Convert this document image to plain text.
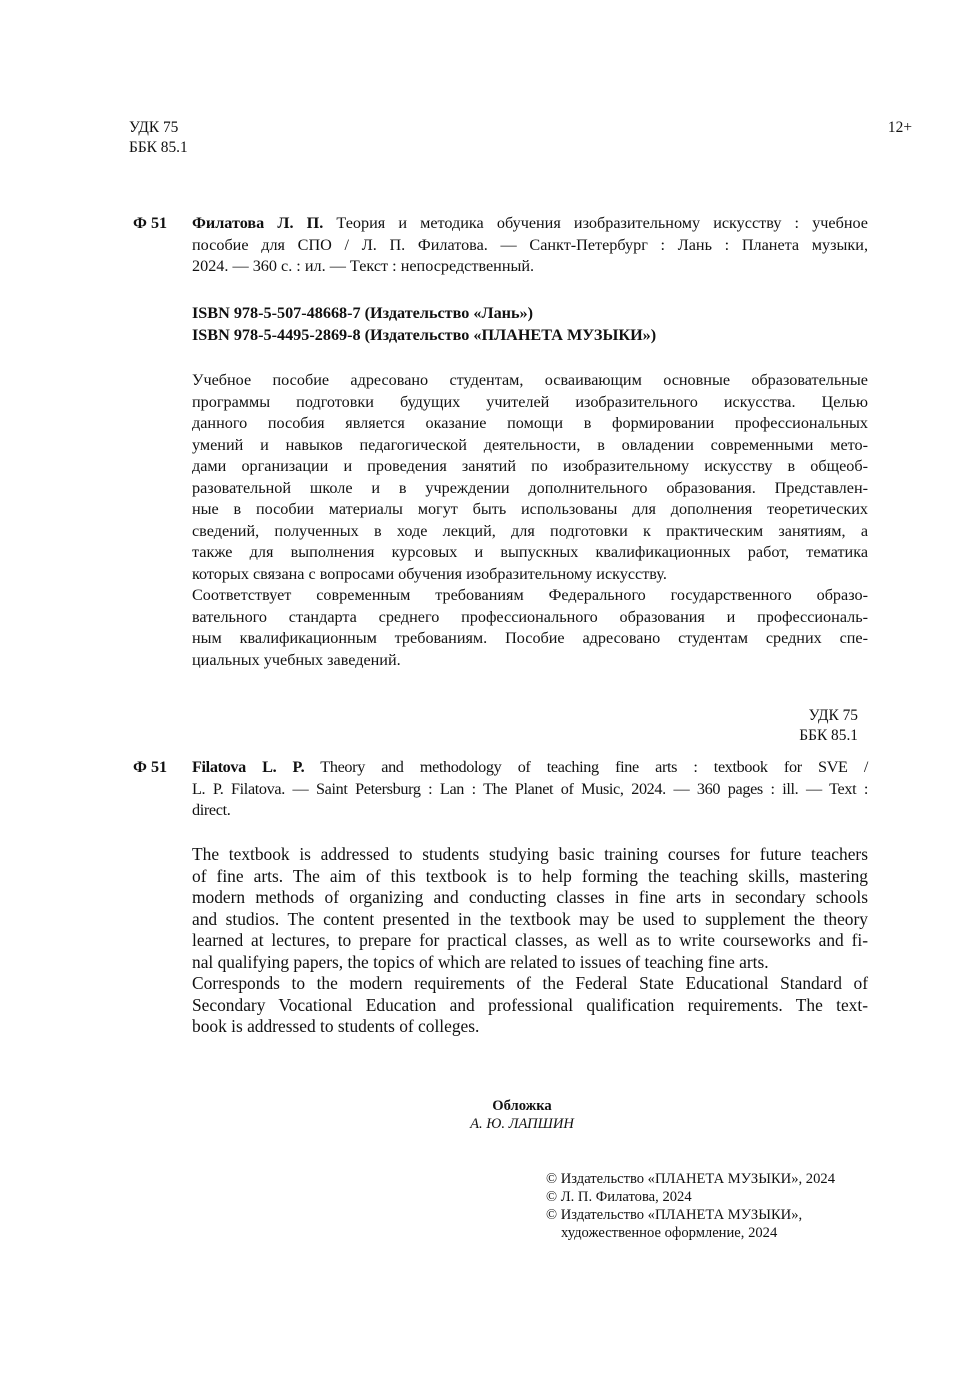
УДК 75
ББК 85.1
12+
Ф 51 Филатова Л. П. Теория и методика обучения изобразительному искусству : учебное
пособие для СПО / Л. П. Филатова. — Санкт-Петербург : Лань : Планета музыки,
2024. — 360 с. : ил. — Текст : непосредственный.
ISBN 978-5-507-48668-7 (Издательство «Лань»)
ISBN 978-5-4495-2869-8 (Издательство «ПЛАНЕТА МУЗЫКИ»)
Учебное пособие адресовано студентам, осваивающим основные образовательные
программы подготовки будущих учителей изобразительного искусства. Целью
данного пособия является оказание помощи в формировании профессиональных
умений и навыков педагогической деятельности, в овладении современными мето-
дами организации и проведения занятий по изобразительному искусству в общеоб-
разовательной школе и в учреждении дополнительного образования. Представлен-
ные в пособии материалы могут быть использованы для дополнения теоретических
сведений, полученных в ходе лекций, для подготовки к практическим занятиям, а
также для выполнения курсовых и выпускных квалификационных работ, тематика
которых связана с вопросами обучения изобразительному искусству.
Соответствует современным требованиям Федерального государственного образо-
вательного стандарта среднего профессионального образования и профессиональ-
ным квалификационным требованиям. Пособие адресовано студентам средних спе-
циальных учебных заведений.
УДК 75
ББК 85.1
Ф 51 Filatova L. P. Theory and methodology of teaching fine arts : textbook for SVE /
L. P. Filatova. — Saint Petersburg : Lan : The Planet of Music, 2024. — 360 pages : ill. — Text :
direct.
The textbook is addressed to students studying basic training courses for future teachers
of fine arts. The aim of this textbook is to help forming the teaching skills, mastering
modern methods of organizing and conducting classes in fine arts in secondary schools
and studios. The content presented in the textbook may be used to supplement the theory
learned at lectures, to prepare for practical classes, as well as to write courseworks and fi-
nal qualifying papers, the topics of which are related to issues of teaching fine arts.
Corresponds to the modern requirements of the Federal State Educational Standard of
Secondary Vocational Education and professional qualification requirements. The text-
book is addressed to students of colleges.
Обложка
А. Ю. ЛАПШИН
© Издательство «ПЛАНЕТА МУЗЫКИ», 2024
© Л. П. Филатова, 2024
© Издательство «ПЛАНЕТА МУЗЫКИ»,
художественное оформление, 2024
